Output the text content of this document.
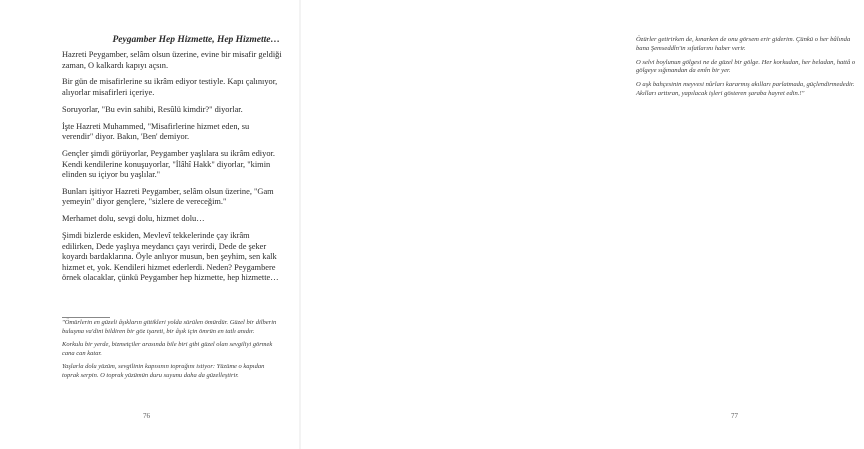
Peygamber Hep Hizmette, Hep Hizmette…

Hazreti Peygamber, selâm olsun üzerine, evine bir misafir geldiği zaman, O kalkardı kapıyı açsın.

Bir gün de misafirlerine su ikrâm ediyor testiyle. Kapı çalınıyor, alıyorlar misafirleri içeriye.

Soruyorlar, "Bu evin sahibi, Resûlü kimdir?" diyorlar.

İşte Hazreti Muhammed, "Misafirlerine hizmet eden, su verendir" diyor. Bakın, 'Ben' demiyor.

Gençler şimdi görüyorlar, Peygamber yaşlılara su ikrâm ediyor. Kendi kendilerine konuşuyorlar, "İlâhî Hakk" diyorlar, "kimin elinden su içiyor bu yaşlılar."

Bunları işitiyor Hazreti Peygamber, selâm olsun üzerine, "Gam yemeyin" diyor gençlere, "sizlere de vereceğim."

Merhamet dolu, sevgi dolu, hizmet dolu…

Şimdi bizlerde eskiden, Mevlevî tekkelerinde çay ikrâm edilirken, Dede yaşlıya meydancı çayı verirdi, Dede de şeker koyardı bardaklarına. Öyle anlıyor musun, ben şeyhim, sen kalk hizmet et, yok. Kendileri hizmet ederlerdi. Neden? Peygambere örnek olacaklar, çünkü Peygamber hep hizmette, hep hizmette…

"Ömürlerin en güzeli âşıkların gittikleri yolda sürülen ömürdür. Güzel bir dilberin buluşma va'dini bildiren bir göz işareti, bir âşık için ömrün en tatlı anıdır.

Korkulu bir yerde, bizmetçiler arasında bile biri gibi güzel olan sevgiliyi görmek cana can katar.

Yaşlarla dolu yüzüm, sevgilinin kapısının toprağını istiyor: Yüzüme o kapıdan toprak serpin. O toprak yüzümün duru suyunu daha da güzelleştirir.

76

Özürler getirirken de, kınarken de onu görsem erir giderim. Çünkü o her bâlında bana Şemseddîn'in sıfatlarını haber verir.

O selvi boylunun gölgesi ne de güzel bir gölge. Her korkudan, her beladan, hattâ o gölgeye sığınandan da emîn bir yer.

O aşk bahçesinin meyvesi nûrları kararmış akılları parlatmada, güçlendirmededir. Akılları arttıran, yapılacak işleri gösteren şaraba hayret edin.!"

77
